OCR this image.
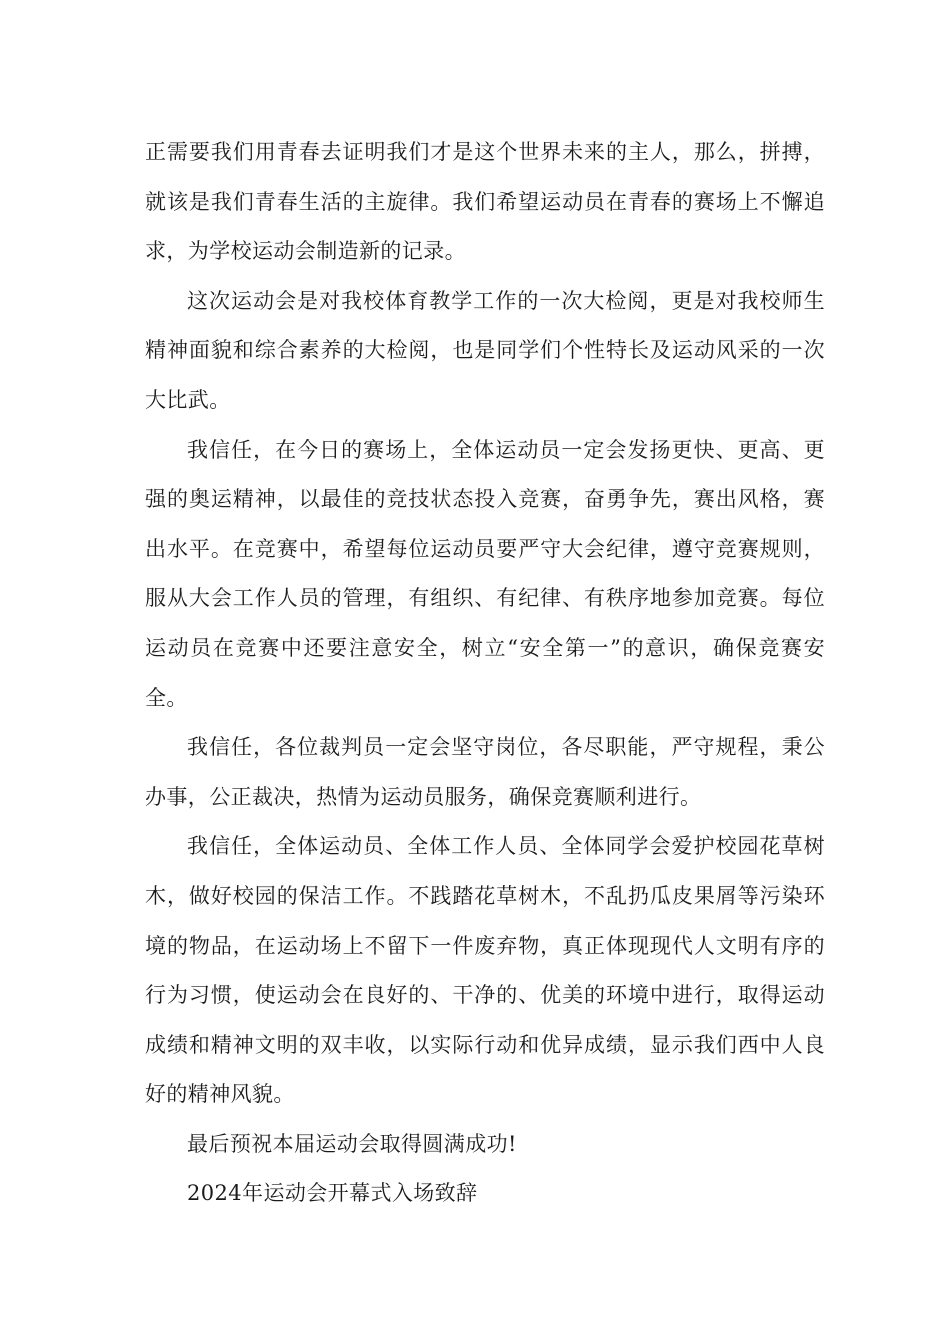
正需要我们用青春去证明我们才是这个世界未来的主人，那么，拼搏，就该是我们青春生活的主旋律。我们希望运动员在青春的赛场上不懈追求，为学校运动会制造新的记录。

这次运动会是对我校体育教学工作的一次大检阅，更是对我校师生精神面貌和综合素养的大检阅，也是同学们个性特长及运动风采的一次大比武。

我信任，在今日的赛场上，全体运动员一定会发扬更快、更高、更强的奥运精神，以最佳的竞技状态投入竞赛，奋勇争先，赛出风格，赛出水平。在竞赛中，希望每位运动员要严守大会纪律，遵守竞赛规则，服从大会工作人员的管理，有组织、有纪律、有秩序地参加竞赛。每位运动员在竞赛中还要注意安全，树立“安全第一”的意识，确保竞赛安全。

我信任，各位裁判员一定会坚守岗位，各尽职能，严守规程，秉公办事，公正裁决，热情为运动员服务，确保竞赛顺利进行。

我信任，全体运动员、全体工作人员、全体同学会爱护校园花草树木，做好校园的保洁工作。不践踏花草树木，不乱扔瓜皮果屑等污染环境的物品，在运动场上不留下一件废弃物，真正体现现代人文明有序的行为习惯，使运动会在良好的、干净的、优美的环境中进行，取得运动成绩和精神文明的双丰收，以实际行动和优异成绩，显示我们西中人良好的精神风貌。

最后预祝本届运动会取得圆满成功!

2024年运动会开幕式入场致辞
